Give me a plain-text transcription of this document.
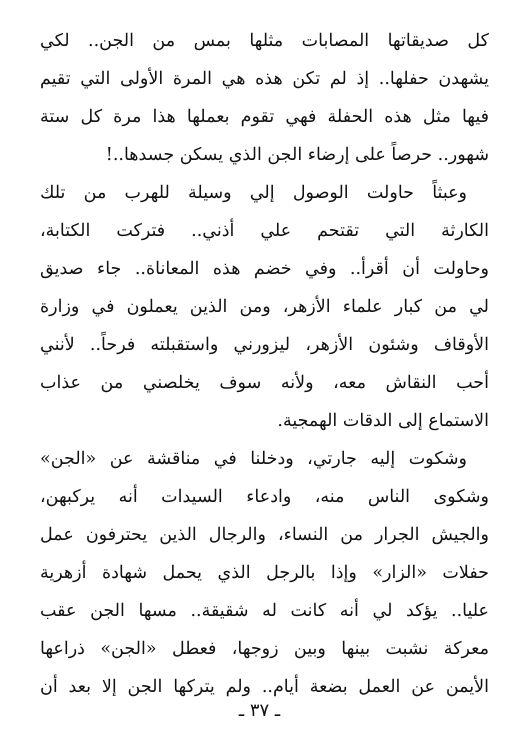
كل صديقاتها المصابات مثلها بمس من الجن.. لكي
يشهدن حفلها.. إذ لم تكن هذه هي المرة الأولى التي تقيم
فيها مثل هذه الحفلة فهي تقوم بعملها هذا مرة كل ستة
شهور.. حرصاً على إرضاء الجن الذي يسكن جسدها..!
وعبثاً حاولت الوصول إلي وسيلة للهرب من تلك
الكارثة التي تقتحم علي أذني.. فتركت الكتابة،
وحاولت أن أقرأ.. وفي خضم هذه المعاناة.. جاء صديق
لي من كبار علماء الأزهر، ومن الذين يعملون في وزارة
الأوقاف وشئون الأزهر، ليزورني واستقبلته فرحاً.. لأنني
أحب النقاش معه، ولأنه سوف يخلصني من عذاب
الاستماع إلى الدقات الهمجية.
وشكوت إليه جارتي، ودخلنا في مناقشة عن «الجن»
وشكوى الناس منه، وادعاء السيدات أنه يركبهن،
والجيش الجرار من النساء، والرجال الذين يحترفون عمل
حفلات «الزار» وإذا بالرجل الذي يحمل شهادة أزهرية
عليا.. يؤكد لي أنه كانت له شقيقة.. مسها الجن عقب
معركة نشبت بينها وبين زوجها، فعطل «الجن» ذراعها
الأيمن عن العمل بضعة أيام.. ولم يتركها الجن إلا بعد أن
ـ ٣٧ ـ
